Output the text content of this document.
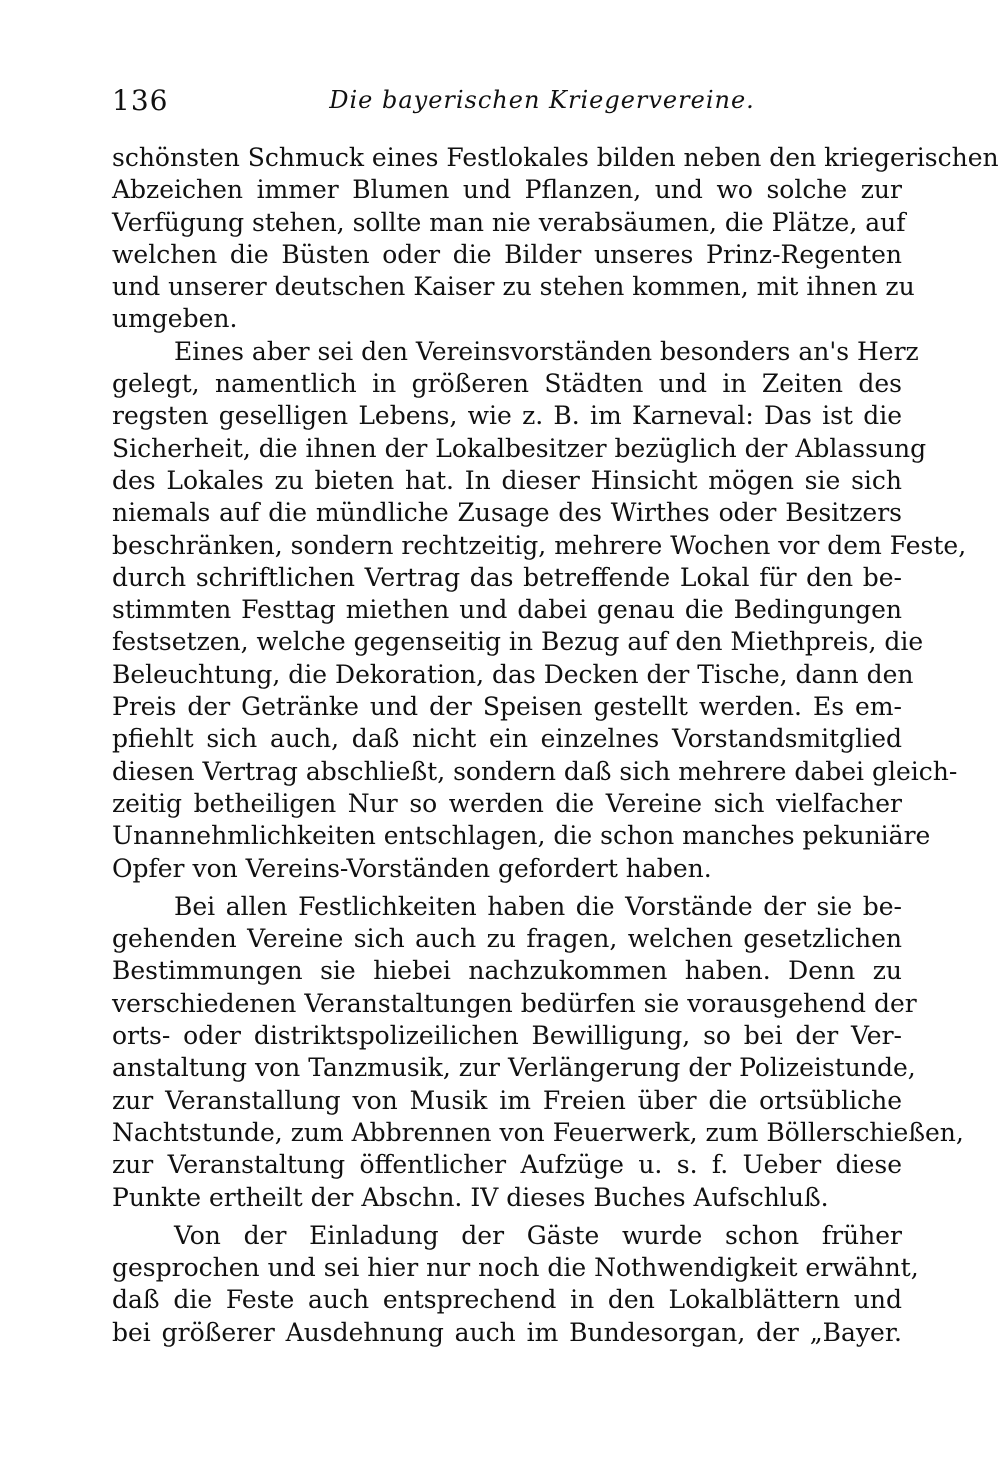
136	Die bayerischen Kriegervereine.
schönsten Schmuck eines Festlokales bilden neben den kriegerischen
Abzeichen immer Blumen und Pflanzen, und wo solche zur
Verfügung stehen, sollte man nie verabsäumen, die Plätze, auf
welchen die Büsten oder die Bilder unseres Prinz-Regenten
und unserer deutschen Kaiser zu stehen kommen, mit ihnen zu
umgeben.
Eines aber sei den Vereinsvorständen besonders an's Herz
gelegt, namentlich in größeren Städten und in Zeiten des
regsten geselligen Lebens, wie z. B. im Karneval: Das ist die
Sicherheit, die ihnen der Lokalbesitzer bezüglich der Ablassung
des Lokales zu bieten hat. In dieser Hinsicht mögen sie sich
niemals auf die mündliche Zusage des Wirthes oder Besitzers
beschränken, sondern rechtzeitig, mehrere Wochen vor dem Feste,
durch schriftlichen Vertrag das betreffende Lokal für den be-
stimmten Festtag miethen und dabei genau die Bedingungen
festsetzen, welche gegenseitig in Bezug auf den Miethpreis, die
Beleuchtung, die Dekoration, das Decken der Tische, dann den
Preis der Getränke und der Speisen gestellt werden. Es em-
pfiehlt sich auch, daß nicht ein einzelnes Vorstandsmitglied
diesen Vertrag abschließt, sondern daß sich mehrere dabei gleich-
zeitig betheiligen Nur so werden die Vereine sich vielfacher
Unannehmlichkeiten entschlagen, die schon manches pekuniäre
Opfer von Vereins-Vorständen gefordert haben.
Bei allen Festlichkeiten haben die Vorstände der sie be-
gehenden Vereine sich auch zu fragen, welchen gesetzlichen
Bestimmungen sie hiebei nachzukommen haben. Denn zu
verschiedenen Veranstaltungen bedürfen sie vorausgehend der
orts- oder distriktspolizeilichen Bewilligung, so bei der Ver-
anstaltung von Tanzmusik, zur Verlängerung der Polizeistunde,
zur Veranstallung von Musik im Freien über die ortsübliche
Nachtstunde, zum Abbrennen von Feuerwerk, zum Böllerschießen,
zur Veranstaltung öffentlicher Aufzüge u. s. f. Ueber diese
Punkte ertheilt der Abschn. IV dieses Buches Aufschluß.
Von der Einladung der Gäste wurde schon früher
gesprochen und sei hier nur noch die Nothwendigkeit erwähnt,
daß die Feste auch entsprechend in den Lokalblättern und
bei größerer Ausdehnung auch im Bundesorgan, der „Bayer.
